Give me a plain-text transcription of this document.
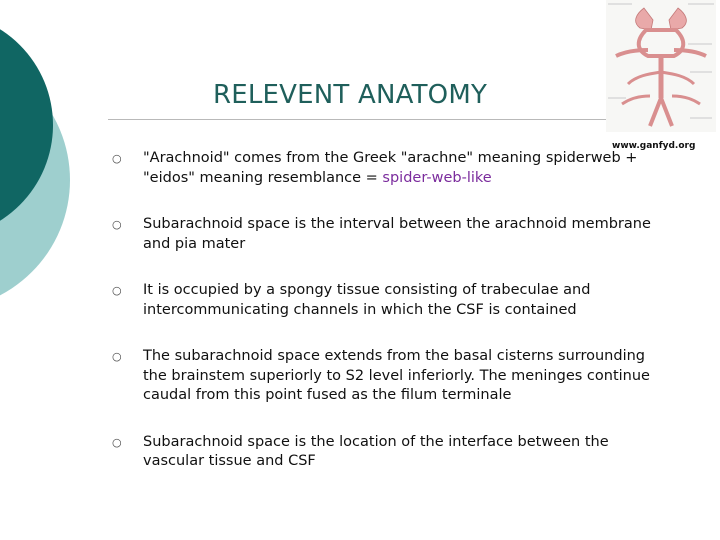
RELEVENT ANATOMY
www.ganfyd.org
○ "Arachnoid" comes from the Greek "arachne" meaning spiderweb + "eidos" meaning resemblance = spider-web-like
○ Subarachnoid space is the interval between the arachnoid membrane and pia mater
○ It is occupied by a spongy tissue consisting of trabeculae and intercommunicating channels in which the CSF is contained
○ The subarachnoid space extends from the basal cisterns surrounding the brainstem superiorly to S2 level inferiorly. The meninges continue caudal from this point fused as the filum terminale
○ Subarachnoid space is the location of the interface between the vascular tissue and CSF
